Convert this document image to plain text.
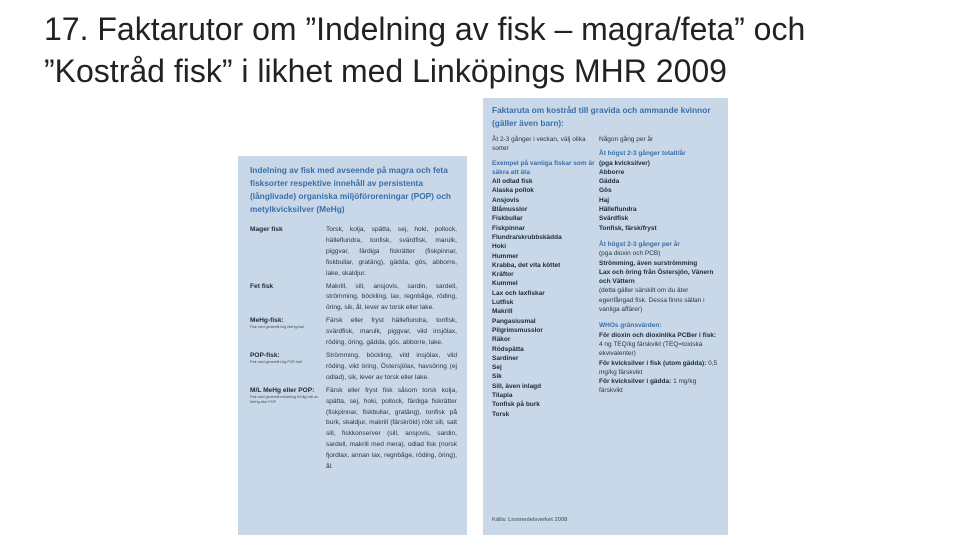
17. Faktarutor om ”Indelning av fisk – magra/feta” och
”Kostråd fisk” i likhet med Linköpings MHR 2009
Indelning av fisk med avseende på magra och feta fisksorter respektive innehåll av persistenta (långlivade) organiska miljöföroreningar (POP) och metylkvicksilver (MeHg)
Mager fisk	Torsk, kolja, spätta, sej, hoki, pollock, hälleflundra, tonfisk, svärdfisk, marulk, piggvar, färdiga fiskrätter (fiskpinnar, fiskbullar, gratäng), gädda, gös, abborre, lake, skaldjur.
Fet fisk	Makrill, sill, ansjovis, sardin, sardell, strömming, böckling, lax, regnbåge, röding, öring, sik, ål, lever av torsk eller lake.
MeHg-fisk:
Fisk med generellt hög MeHg-halt
Färsk eller fryst hälleflundra, tonfisk, svärdfisk, marulk, piggvar, vild insjölax, röding, öring, gädda, gös, abborre, lake.
POP-fisk:
Fisk med generellt hög POP-halt
Strömming, böckling, vild insjölax, vild röding, vild öring, Östersjölax, havsöring (ej odlad), sik, lever av torsk eller lake.
M/L MeHg eller POP:
Fisk med generellt medelhög till låg halt av MeHg eller POP
Färsk eller fryst fisk såsom torsk kolja, spätta, sej, hoki, pollock, färdiga fiskrätter (fiskpinnar, fiskbullar, gratäng), tonfisk på burk, skaldjur, makrill (färskrökt) rökt sill, salt sill, fiskkonserver (sill, ansjovis, sardin, sardell, makrill med mera), odlad fisk (norsk fjordlax, annan lax, regnbåge, röding, öring), ål.
Faktaruta om kostråd till gravida och ammande kvinnor (gäller även barn):
Åt 2-3 gånger i veckan, välj olika sorter
Exempel på vanliga fiskar som är säkra att äta
All odlad fisk
Alaska pollok
Ansjovis
Blåmusslor
Fiskbullar
Fiskpinnar
Flundra/skrubbskädda
Hoki
Hummer
Krabba, det vita köttet
Kräftor
Kummel
Lax och laxfiskar
Lutfisk
Makrill
Pangasiusmal
Pilgrimsmusslor
Räkor
Rödspätta
Sardiner
Sej
Sik
Sill, även inlagd
Tilapia
Tonfisk på burk
Torsk
Någon gång per år
Åt högst 2-3 gånger totalt/år
(pga kvicksilver)
Abborre
Gädda
Gös
Haj
Hälleflundra
Svärdfisk
Tonfisk, färsk/fryst
Åt högst 2-3 gånger per år
(pga dioxin och PCB)
Strömming, även surströmming
Lax och öring från Östersjön, Vänern och Vättern
(detta gäller särskilt om du äter egenfångad fisk. Dessa finns sällan i vanliga affärer)
WHOs gränsvärden:
För dioxin och dioxinlika PCBer i fisk: 4 ng TEQ/kg färskvikt (TEQ=toxiska ekvivalenter)
För kvicksilver i fisk (utom gädda): 0,5 mg/kg färskvikt
För kvicksilver i gädda: 1 mg/kg färskvikt
Källa: Livsmedelsverket 2008
